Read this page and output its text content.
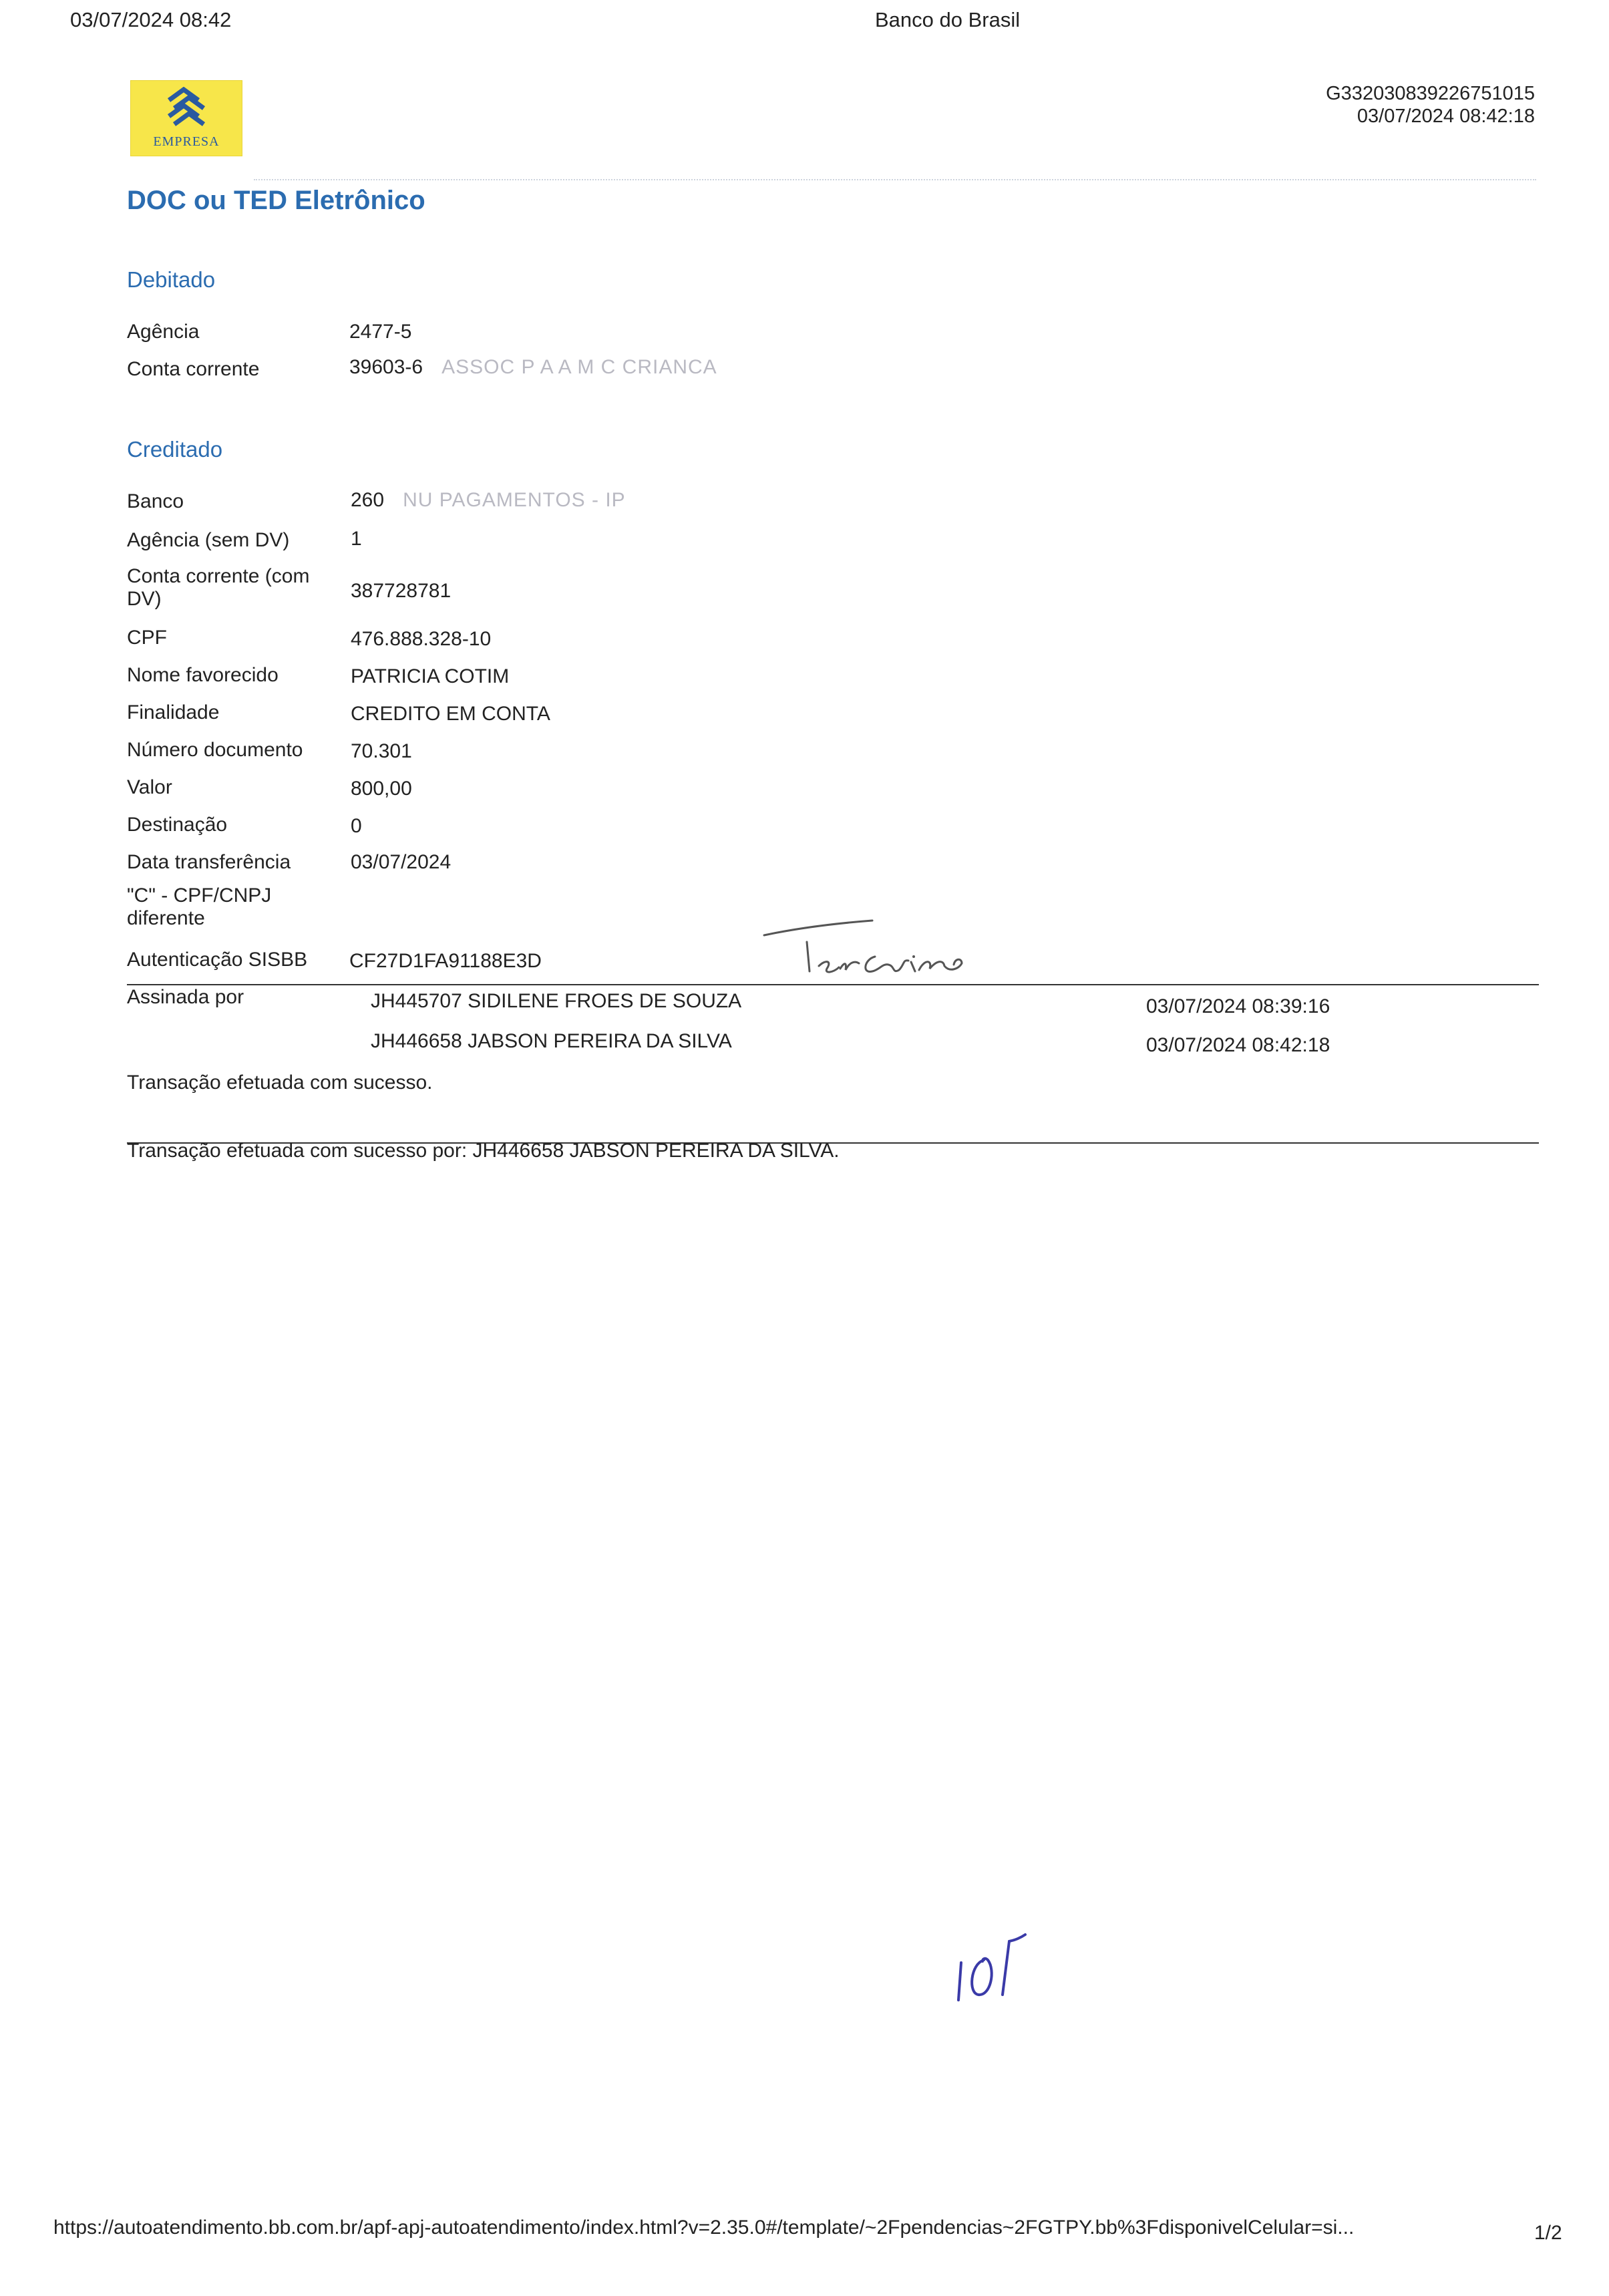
03/07/2024 08:42	Banco do Brasil
EMPRESA
G332030839226751015
03/07/2024 08:42:18
DOC ou TED Eletrônico
Debitado
Agência	2477-5
Conta corrente	39603-6 ASSOC P A A M C CRIANCA
Creditado
Banco	260 NU PAGAMENTOS - IP
Agência (sem DV)	1
Conta corrente (com DV)	387728781
CPF	476.888.328-10
Nome favorecido	PATRICIA COTIM
Finalidade	CREDITO EM CONTA
Número documento 70.301
Valor	800,00
Destinação	0
Data transferência	03/07/2024
"C" - CPF/CNPJ diferente
Autenticação SISBB CF27D1FA91188E3D
Assinada por	JH445707 SIDILENE FROES DE SOUZA	03/07/2024 08:39:16
JH446658 JABSON PEREIRA DA SILVA	03/07/2024 08:42:18
Transação efetuada com sucesso.
Transação efetuada com sucesso por: JH446658 JABSON PEREIRA DA SILVA.
https://autoatendimento.bb.com.br/apf-apj-autoatendimento/index.html?v=2.35.0#/template/~2Fpendencias~2FGTPY.bb%3FdisponivelCelular=si...	1/2
